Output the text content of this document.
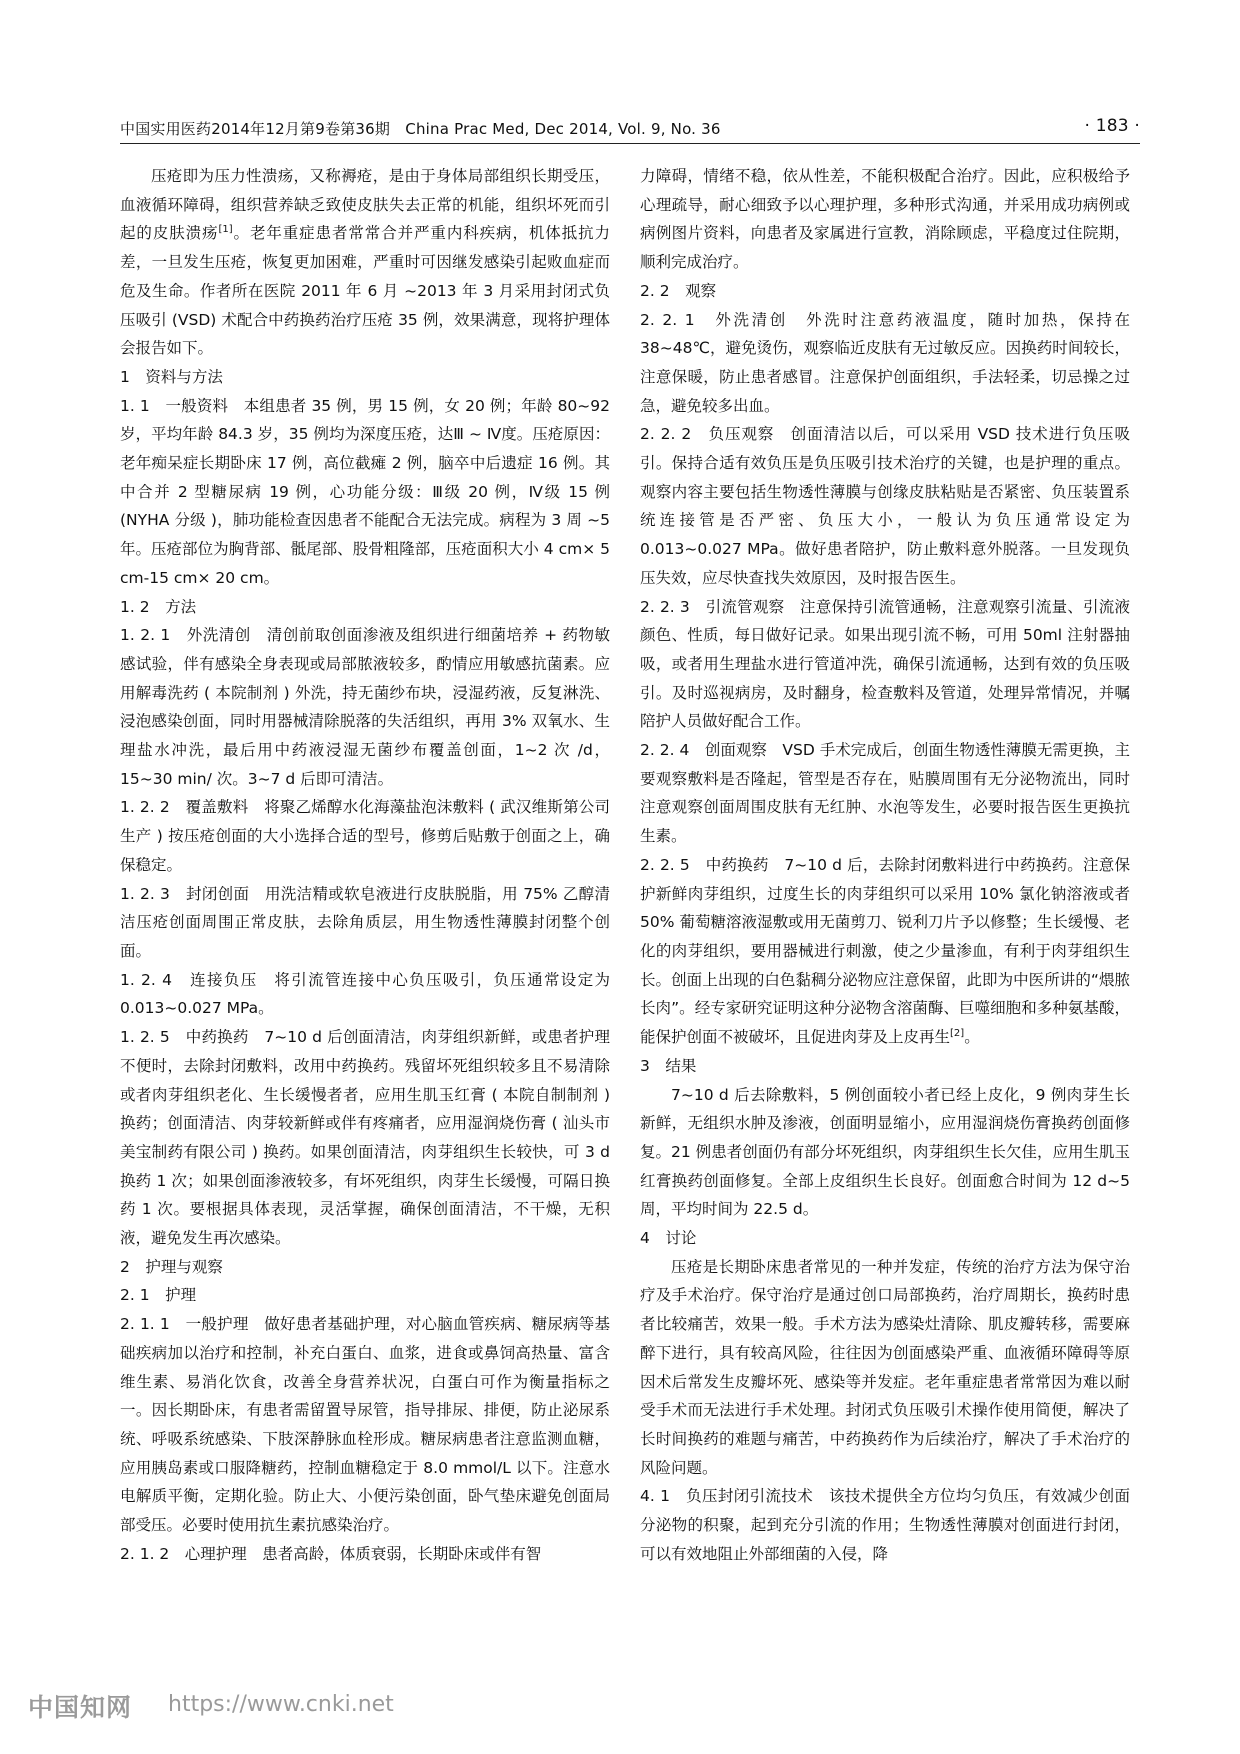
中国实用医药2014年12月第9卷第36期　China Prac Med, Dec 2014, Vol. 9, No. 36	· 183 ·

压疮即为压力性溃疡，又称褥疮，是由于身体局部组织长期受压，血液循环障碍，组织营养缺乏致使皮肤失去正常的机能，组织坏死而引起的皮肤溃疡[1]。老年重症患者常常合并严重内科疾病，机体抵抗力差，一旦发生压疮，恢复更加困难，严重时可因继发感染引起败血症而危及生命。作者所在医院 2011 年 6 月 ~2013 年 3 月采用封闭式负压吸引 (VSD) 术配合中药换药治疗压疮 35 例，效果满意，现将护理体会报告如下。

1　资料与方法

1. 1　一般资料　本组患者 35 例，男 15 例，女 20 例；年龄 80~92 岁，平均年龄 84.3 岁，35 例均为深度压疮，达Ⅲ ~ Ⅳ度。压疮原因：老年痴呆症长期卧床 17 例，高位截瘫 2 例，脑卒中后遗症 16 例。其中合并 2 型糖尿病 19 例，心功能分级：Ⅲ级 20 例，Ⅳ级 15 例 (NYHA 分级 )，肺功能检查因患者不能配合无法完成。病程为 3 周 ~5 年。压疮部位为胸背部、骶尾部、股骨粗隆部，压疮面积大小 4 cm× 5 cm-15 cm× 20 cm。

1. 2　方法

1. 2. 1　外洗清创　清创前取创面渗液及组织进行细菌培养 + 药物敏感试验，伴有感染全身表现或局部脓液较多，酌情应用敏感抗菌素。应用解毒洗药 ( 本院制剂 ) 外洗，持无菌纱布块，浸湿药液，反复淋洗、浸泡感染创面，同时用器械清除脱落的失活组织，再用 3% 双氧水、生理盐水冲洗，最后用中药液浸湿无菌纱布覆盖创面，1~2 次 /d，15~30 min/ 次。3~7 d 后即可清洁。

1. 2. 2　覆盖敷料　将聚乙烯醇水化海藻盐泡沫敷料 ( 武汉维斯第公司生产 ) 按压疮创面的大小选择合适的型号，修剪后贴敷于创面之上，确保稳定。

1. 2. 3　封闭创面　用洗洁精或软皂液进行皮肤脱脂，用 75% 乙醇清洁压疮创面周围正常皮肤，去除角质层，用生物透性薄膜封闭整个创面。

1. 2. 4　连接负压　将引流管连接中心负压吸引，负压通常设定为 0.013~0.027 MPa。

1. 2. 5　中药换药　7~10 d 后创面清洁，肉芽组织新鲜，或患者护理不便时，去除封闭敷料，改用中药换药。残留坏死组织较多且不易清除或者肉芽组织老化、生长缓慢者者，应用生肌玉红膏 ( 本院自制制剂 ) 换药；创面清洁、肉芽较新鲜或伴有疼痛者，应用湿润烧伤膏 ( 汕头市美宝制药有限公司 ) 换药。如果创面清洁，肉芽组织生长较快，可 3 d 换药 1 次；如果创面渗液较多，有坏死组织，肉芽生长缓慢，可隔日换药 1 次。要根据具体表现，灵活掌握，确保创面清洁，不干燥，无积液，避免发生再次感染。

2　护理与观察

2. 1　护理

2. 1. 1　一般护理　做好患者基础护理，对心脑血管疾病、糖尿病等基础疾病加以治疗和控制，补充白蛋白、血浆，进食或鼻饲高热量、富含维生素、易消化饮食，改善全身营养状况，白蛋白可作为衡量指标之一。因长期卧床，有患者需留置导尿管，指导排尿、排便，防止泌尿系统、呼吸系统感染、下肢深静脉血栓形成。糖尿病患者注意监测血糖，应用胰岛素或口服降糖药，控制血糖稳定于 8.0 mmol/L 以下。注意水电解质平衡，定期化验。防止大、小便污染创面，卧气垫床避免创面局部受压。必要时使用抗生素抗感染治疗。

2. 1. 2　心理护理　患者高龄，体质衰弱，长期卧床或伴有智

力障碍，情绪不稳，依从性差，不能积极配合治疗。因此，应积极给予心理疏导，耐心细致予以心理护理，多种形式沟通，并采用成功病例或病例图片资料，向患者及家属进行宣教，消除顾虑，平稳度过住院期，顺利完成治疗。

2. 2　观察

2. 2. 1　外洗清创　外洗时注意药液温度，随时加热，保持在 38~48℃，避免烫伤，观察临近皮肤有无过敏反应。因换药时间较长，注意保暖，防止患者感冒。注意保护创面组织，手法轻柔，切忌操之过急，避免较多出血。

2. 2. 2　负压观察　创面清洁以后，可以采用 VSD 技术进行负压吸引。保持合适有效负压是负压吸引技术治疗的关键，也是护理的重点。观察内容主要包括生物透性薄膜与创缘皮肤粘贴是否紧密、负压装置系统连接管是否严密、负压大小，一般认为负压通常设定为 0.013~0.027 MPa。做好患者陪护，防止敷料意外脱落。一旦发现负压失效，应尽快查找失效原因，及时报告医生。

2. 2. 3　引流管观察　注意保持引流管通畅，注意观察引流量、引流液颜色、性质，每日做好记录。如果出现引流不畅，可用 50ml 注射器抽吸，或者用生理盐水进行管道冲洗，确保引流通畅，达到有效的负压吸引。及时巡视病房，及时翻身，检查敷料及管道，处理异常情况，并嘱陪护人员做好配合工作。

2. 2. 4　创面观察　VSD 手术完成后，创面生物透性薄膜无需更换，主要观察敷料是否隆起，管型是否存在，贴膜周围有无分泌物流出，同时注意观察创面周围皮肤有无红肿、水泡等发生，必要时报告医生更换抗生素。

2. 2. 5　中药换药　7~10 d 后，去除封闭敷料进行中药换药。注意保护新鲜肉芽组织，过度生长的肉芽组织可以采用 10% 氯化钠溶液或者 50% 葡萄糖溶液湿敷或用无菌剪刀、锐利刀片予以修整；生长缓慢、老化的肉芽组织，要用器械进行刺激，使之少量渗血，有利于肉芽组织生长。创面上出现的白色黏稠分泌物应注意保留，此即为中医所讲的“煨脓长肉”。经专家研究证明这种分泌物含溶菌酶、巨噬细胞和多种氨基酸，能保护创面不被破坏，且促进肉芽及上皮再生[2]。

3　结果

7~10 d 后去除敷料，5 例创面较小者已经上皮化，9 例肉芽生长新鲜，无组织水肿及渗液，创面明显缩小，应用湿润烧伤膏换药创面修复。21 例患者创面仍有部分坏死组织，肉芽组织生长欠佳，应用生肌玉红膏换药创面修复。全部上皮组织生长良好。创面愈合时间为 12 d~5 周，平均时间为 22.5 d。

4　讨论

压疮是长期卧床患者常见的一种并发症，传统的治疗方法为保守治疗及手术治疗。保守治疗是通过创口局部换药，治疗周期长，换药时患者比较痛苦，效果一般。手术方法为感染灶清除、肌皮瓣转移，需要麻醉下进行，具有较高风险，往往因为创面感染严重、血液循环障碍等原因术后常发生皮瓣坏死、感染等并发症。老年重症患者常常因为难以耐受手术而无法进行手术处理。封闭式负压吸引术操作使用简便，解决了长时间换药的难题与痛苦，中药换药作为后续治疗，解决了手术治疗的风险问题。

4. 1　负压封闭引流技术　该技术提供全方位均匀负压，有效减少创面分泌物的积聚，起到充分引流的作用；生物透性薄膜对创面进行封闭，可以有效地阻止外部细菌的入侵，降

中国知网 https://www.cnki.net
